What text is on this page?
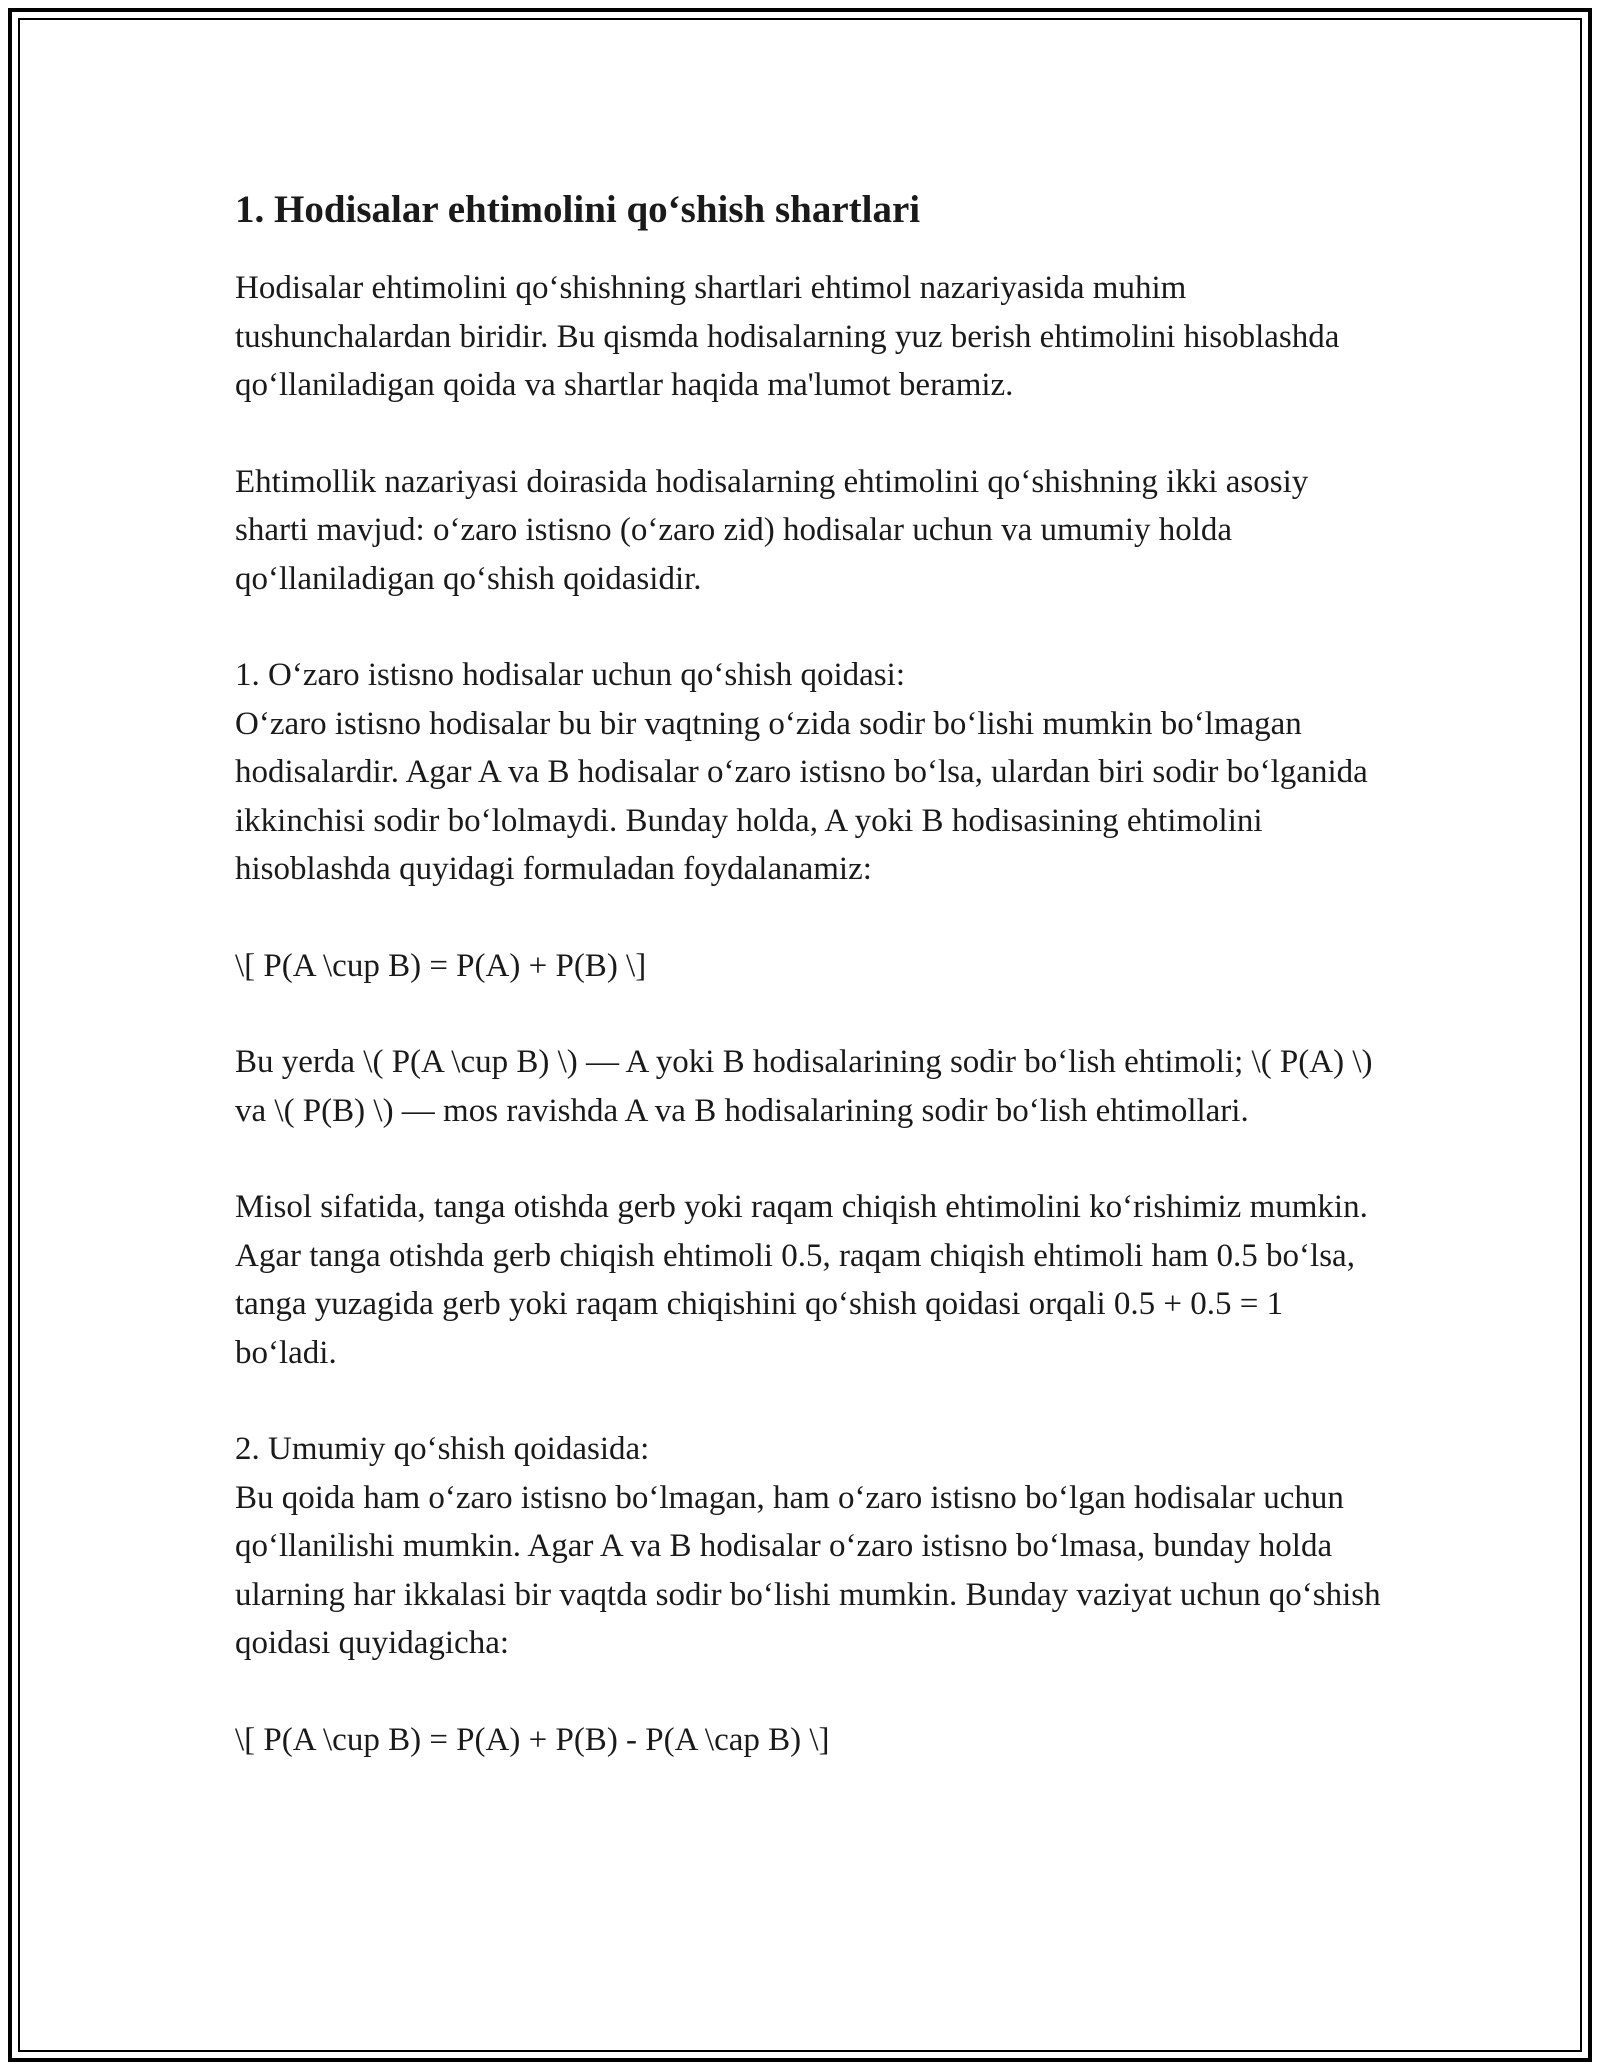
1. Hodisalar ehtimolini qo‘shish shartlari

Hodisalar ehtimolini qo‘shishning shartlari ehtimol nazariyasida muhim tushunchalardan biridir. Bu qismda hodisalarning yuz berish ehtimolini hisoblashda qo‘llaniladigan qoida va shartlar haqida ma'lumot beramiz.

Ehtimollik nazariyasi doirasida hodisalarning ehtimolini qo‘shishning ikki asosiy sharti mavjud: o‘zaro istisno (o‘zaro zid) hodisalar uchun va umumiy holda qo‘llaniladigan qo‘shish qoidasidir.

1. O‘zaro istisno hodisalar uchun qo‘shish qoidasi:
O‘zaro istisno hodisalar bu bir vaqtning o‘zida sodir bo‘lishi mumkin bo‘lmagan hodisalardir. Agar A va B hodisalar o‘zaro istisno bo‘lsa, ulardan biri sodir bo‘lganida ikkinchisi sodir bo‘lolmaydi. Bunday holda, A yoki B hodisasining ehtimolini hisoblashda quyidagi formuladan foydalanamiz:

\[ P(A \cup B) = P(A) + P(B) \]

Bu yerda \( P(A \cup B) \) — A yoki B hodisalarining sodir bo‘lish ehtimoli; \( P(A) \) va \( P(B) \) — mos ravishda A va B hodisalarining sodir bo‘lish ehtimollari.

Misol sifatida, tanga otishda gerb yoki raqam chiqish ehtimolini ko‘rishimiz mumkin. Agar tanga otishda gerb chiqish ehtimoli 0.5, raqam chiqish ehtimoli ham 0.5 bo‘lsa, tanga yuzagida gerb yoki raqam chiqishini qo‘shish qoidasi orqali 0.5 + 0.5 = 1 bo‘ladi.

2. Umumiy qo‘shish qoidasida:
Bu qoida ham o‘zaro istisno bo‘lmagan, ham o‘zaro istisno bo‘lgan hodisalar uchun qo‘llanilishi mumkin. Agar A va B hodisalar o‘zaro istisno bo‘lmasa, bunday holda ularning har ikkalasi bir vaqtda sodir bo‘lishi mumkin. Bunday vaziyat uchun qo‘shish qoidasi quyidagicha:

\[ P(A \cup B) = P(A) + P(B) - P(A \cap B) \]
